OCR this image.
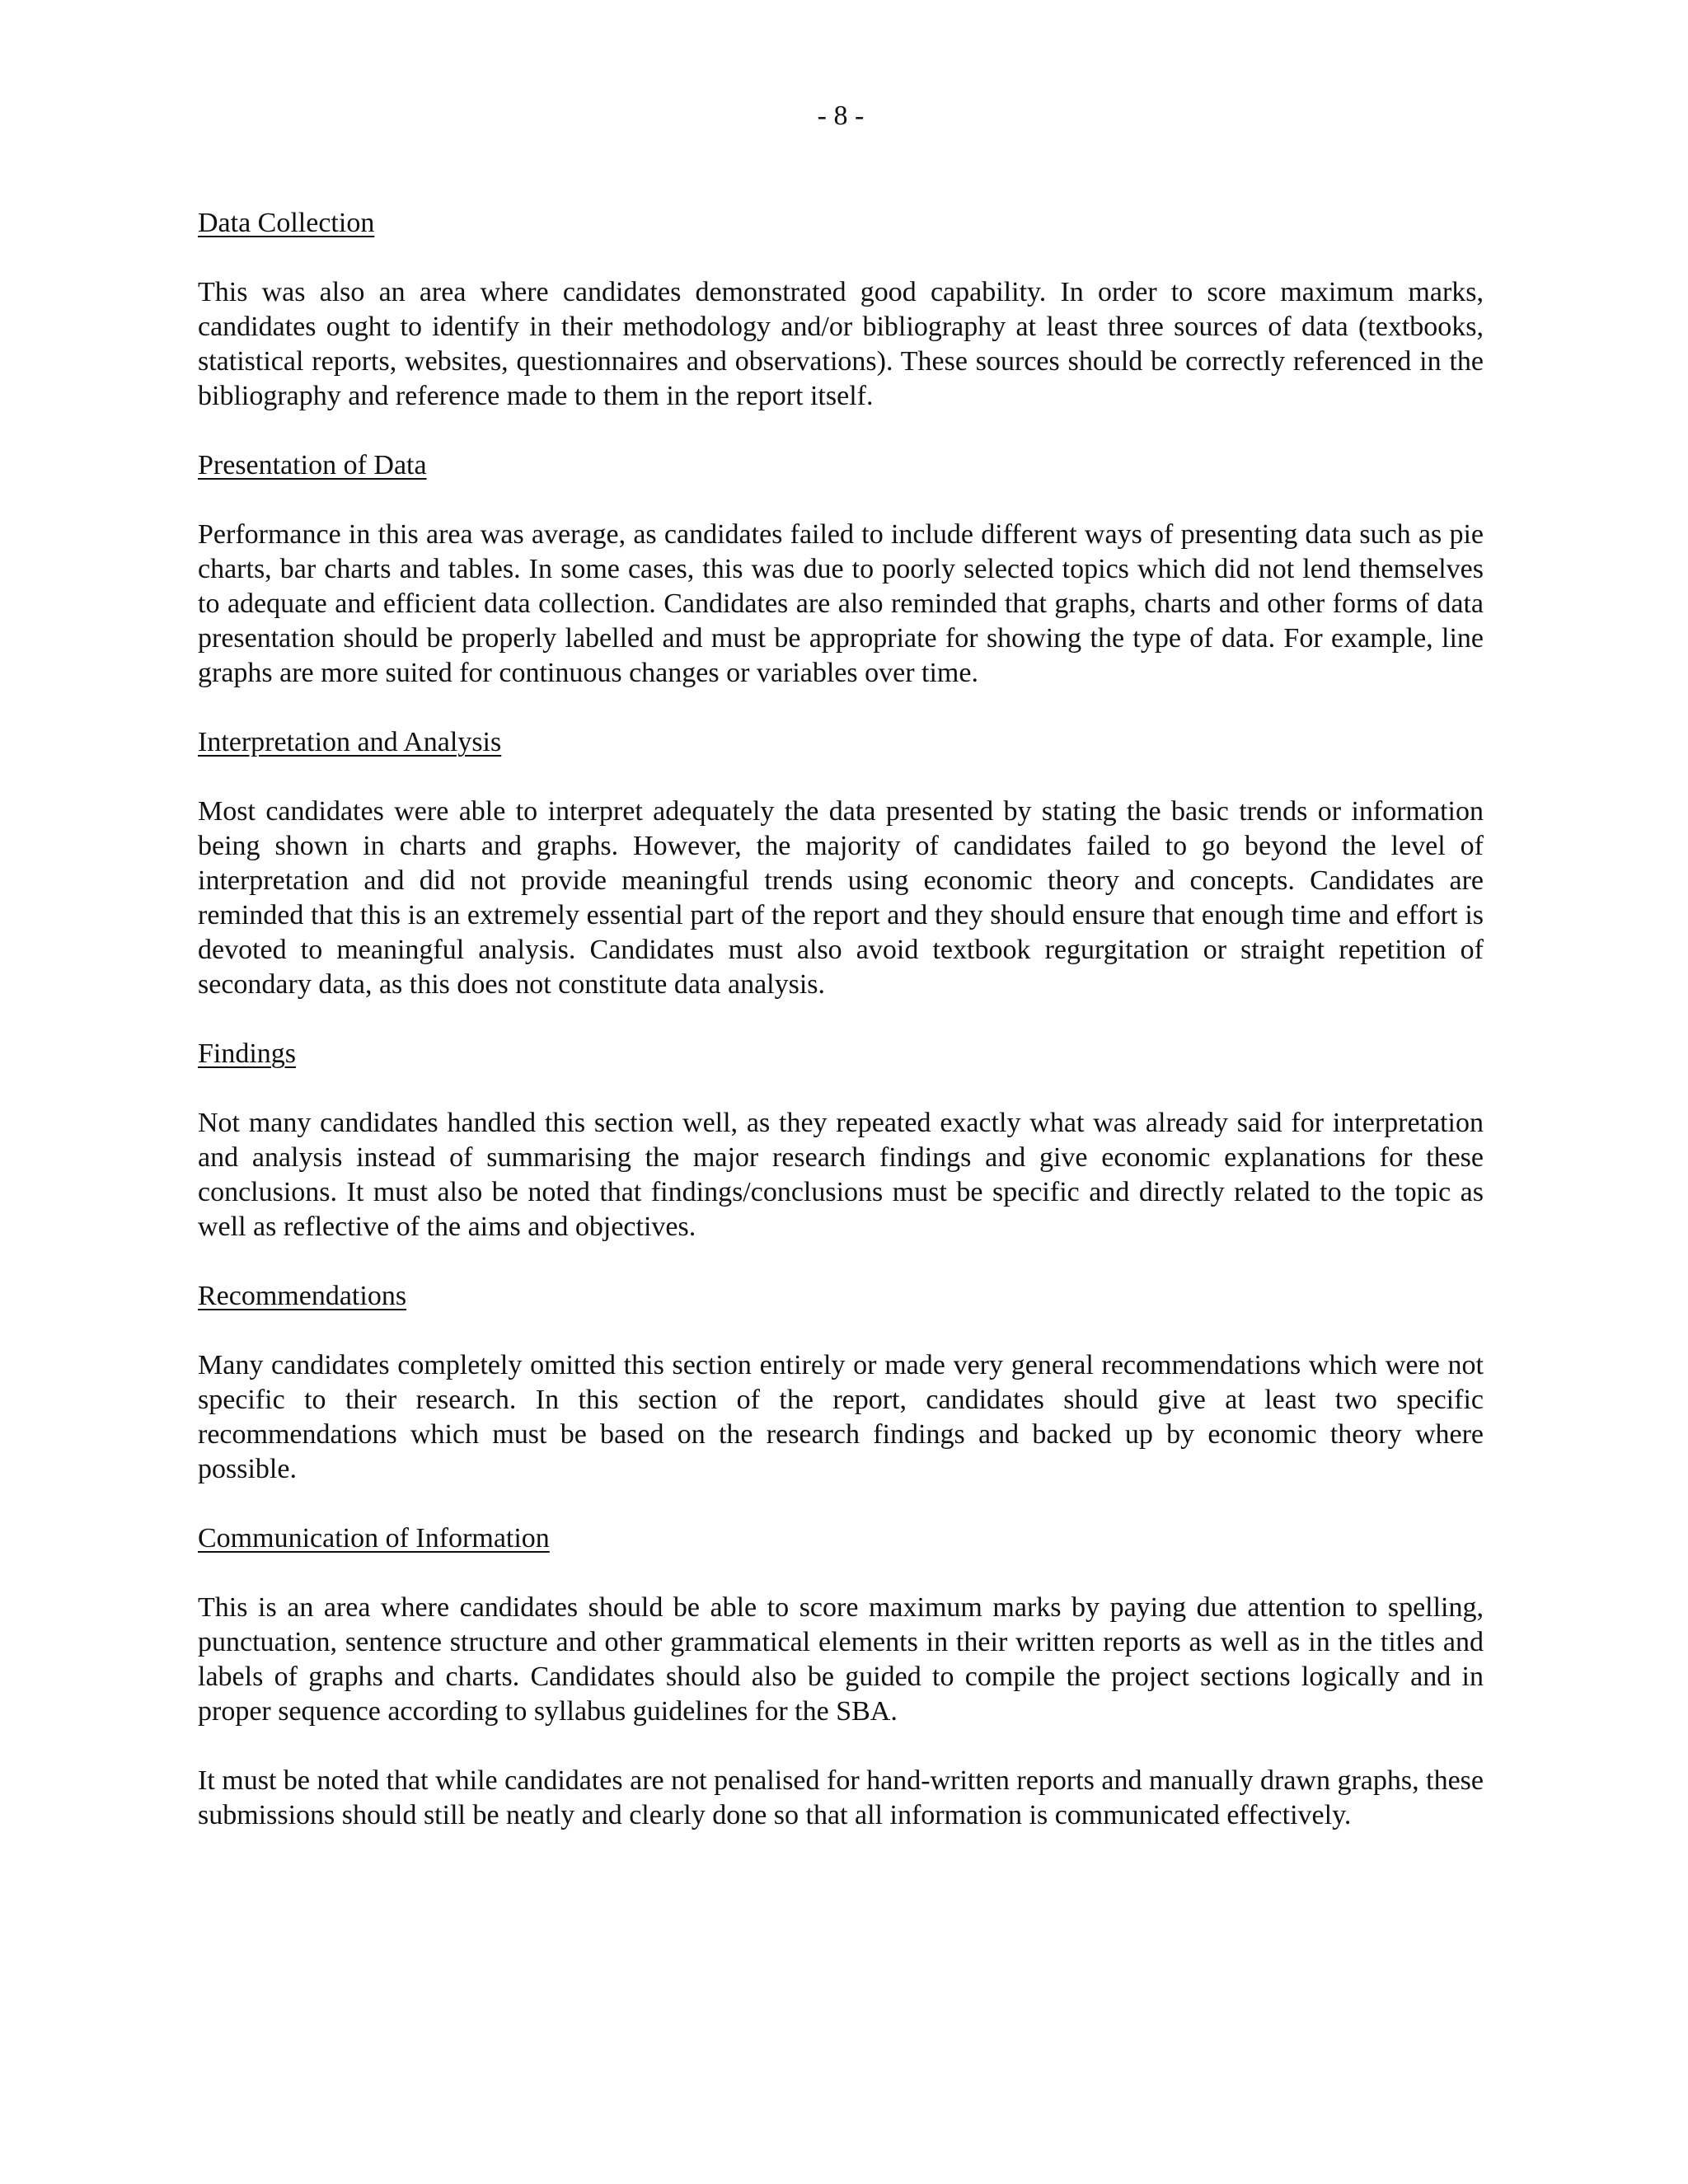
- 8 -
Data Collection

This was also an area where candidates demonstrated good capability. In order to score maximum marks, candidates ought to identify in their methodology and/or bibliography at least three sources of data (textbooks, statistical reports, websites, questionnaires and observations). These sources should be correctly referenced in the bibliography and reference made to them in the report itself.

Presentation of Data

Performance in this area was average, as candidates failed to include different ways of presenting data such as pie charts, bar charts and tables. In some cases, this was due to poorly selected topics which did not lend themselves to adequate and efficient data collection. Candidates are also reminded that graphs, charts and other forms of data presentation should be properly labelled and must be appropriate for showing the type of data. For example, line graphs are more suited for continuous changes or variables over time.

Interpretation and Analysis

Most candidates were able to interpret adequately the data presented by stating the basic trends or information being shown in charts and graphs. However, the majority of candidates failed to go beyond the level of interpretation and did not provide meaningful trends using economic theory and concepts. Candidates are reminded that this is an extremely essential part of the report and they should ensure that enough time and effort is devoted to meaningful analysis. Candidates must also avoid textbook regurgitation or straight repetition of secondary data, as this does not constitute data analysis.

Findings

Not many candidates handled this section well, as they repeated exactly what was already said for interpretation and analysis instead of summarising the major research findings and give economic explanations for these conclusions. It must also be noted that findings/conclusions must be specific and directly related to the topic as well as reflective of the aims and objectives.

Recommendations

Many candidates completely omitted this section entirely or made very general recommendations which were not specific to their research. In this section of the report, candidates should give at least two specific recommendations which must be based on the research findings and backed up by economic theory where possible.

Communication of Information

This is an area where candidates should be able to score maximum marks by paying due attention to spelling, punctuation, sentence structure and other grammatical elements in their written reports as well as in the titles and labels of graphs and charts. Candidates should also be guided to compile the project sections logically and in proper sequence according to syllabus guidelines for the SBA.

It must be noted that while candidates are not penalised for hand-written reports and manually drawn graphs, these submissions should still be neatly and clearly done so that all information is communicated effectively.
